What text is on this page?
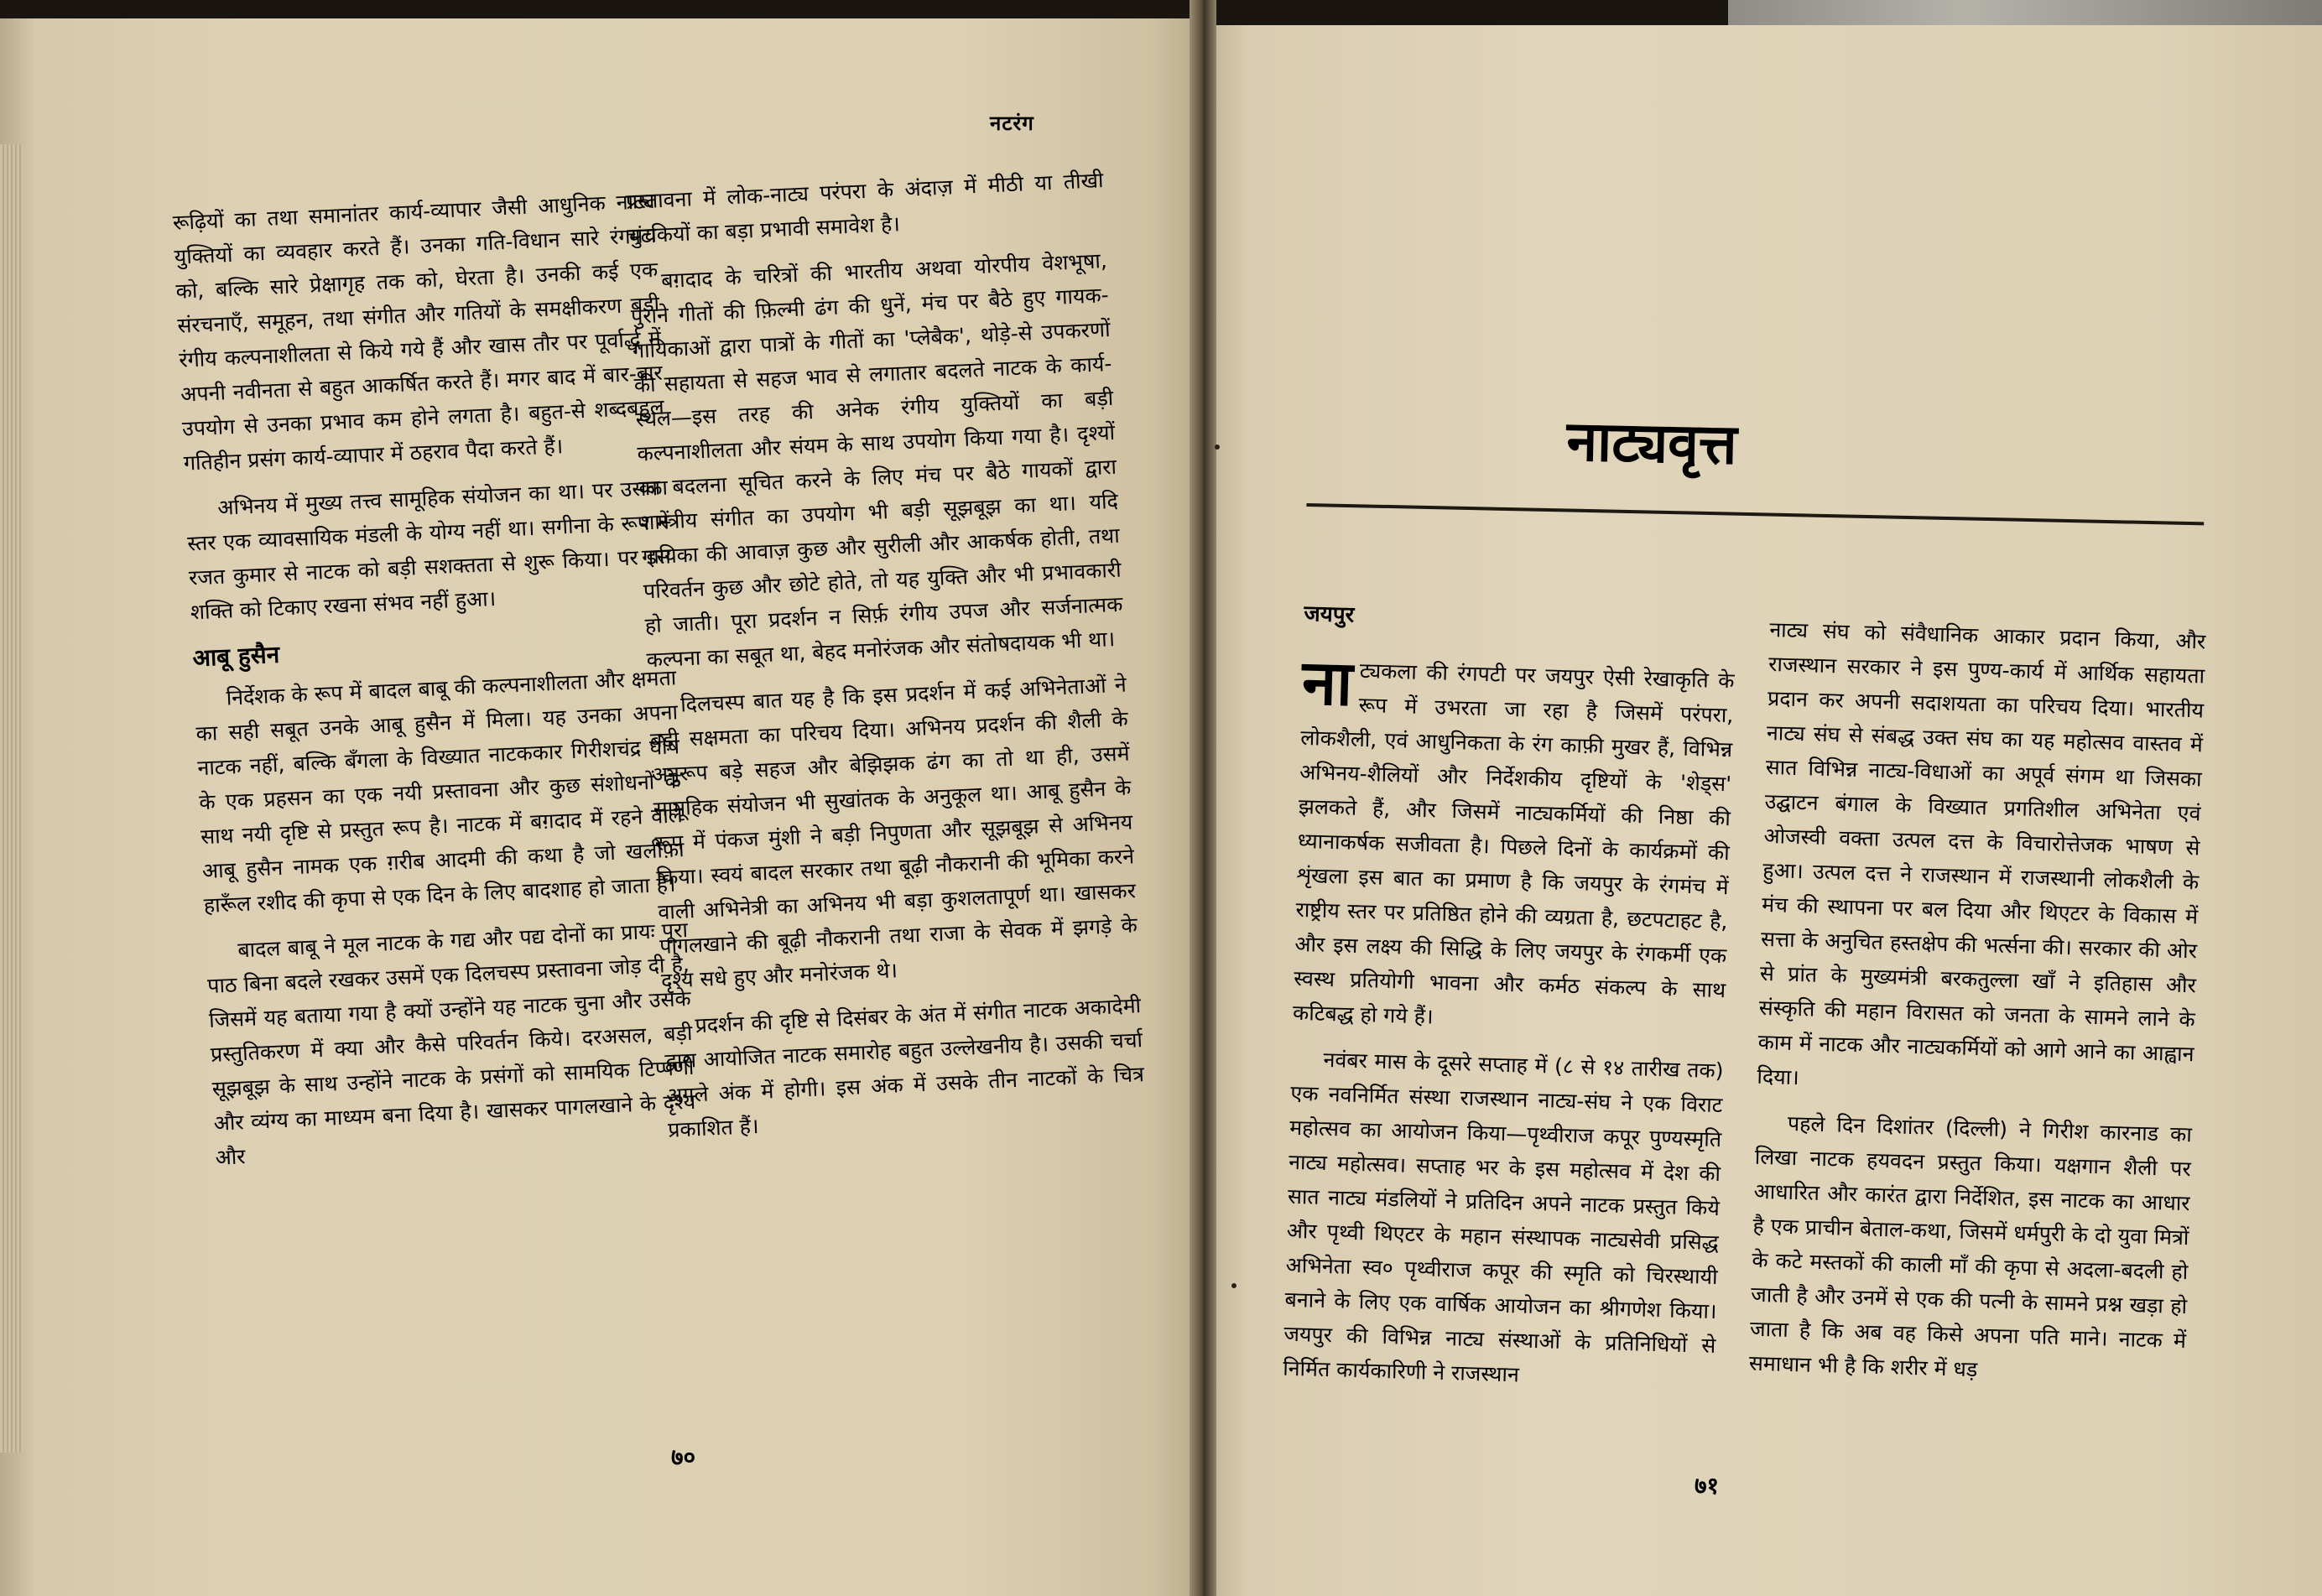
नटरंग

रूढ़ियों का तथा समानांतर कार्य-व्यापार जैसी आधुनिक नाट्य युक्तियों का व्यवहार करते हैं। उनका गति-विधान सारे रंगमंच को, बल्कि सारे प्रेक्षागृह तक को, घेरता है। उनकी कई एक संरचनाएँ, समूहन, तथा संगीत और गतियों के समक्षीकरण बड़ी रंगीय कल्पनाशीलता से किये गये हैं और खास तौर पर पूर्वार्द्ध में अपनी नवीनता से बहुत आकर्षित करते हैं। मगर बाद में बार-बार उपयोग से उनका प्रभाव कम होने लगता है। बहुत-से शब्दबहुल गतिहीन प्रसंग कार्य-व्यापार में ठहराव पैदा करते हैं।

अभिनय में मुख्य तत्त्व सामूहिक संयोजन का था। पर उसका स्तर एक व्यावसायिक मंडली के योग्य नहीं था। सगीना के रूप में रजत कुमार से नाटक को बड़ी सशक्तता से शुरू किया। पर इस शक्ति को टिकाए रखना संभव नहीं हुआ।

आबू हुसैन

निर्देशक के रूप में बादल बाबू की कल्पनाशीलता और क्षमता का सही सबूत उनके आबू हुसैन में मिला। यह उनका अपना नाटक नहीं, बल्कि बँगला के विख्यात नाटककार गिरीशचंद्र घोष के एक प्रहसन का एक नयी प्रस्तावना और कुछ संशोधनों के साथ नयी दृष्टि से प्रस्तुत रूप है। नाटक में बग़दाद में रहने वाले आबू हुसैन नामक एक ग़रीब आदमी की कथा है जो खलीफ़ा हारूँल रशीद की कृपा से एक दिन के लिए बादशाह हो जाता है।

बादल बाबू ने मूल नाटक के गद्य और पद्य दोनों का प्रायः पूरा पाठ बिना बदले रखकर उसमें एक दिलचस्प प्रस्तावना जोड़ दी है, जिसमें यह बताया गया है क्यों उन्होंने यह नाटक चुना और उसके प्रस्तुतिकरण में क्या और कैसे परिवर्तन किये। दरअसल, बड़ी सूझबूझ के साथ उन्होंने नाटक के प्रसंगों को सामयिक टिप्पणी और व्यंग्य का माध्यम बना दिया है। खासकर पागलखाने के दृश्य और

प्रस्तावना में लोक-नाट्य परंपरा के अंदाज़ में मीठी या तीखी चुटकियों का बड़ा प्रभावी समावेश है।

बग़दाद के चरित्रों की भारतीय अथवा योरपीय वेशभूषा, पुराने गीतों की फ़िल्मी ढंग की धुनें, मंच पर बैठे हुए गायक-गायिकाओं द्वारा पात्रों के गीतों का 'प्लेबैक', थोड़े-से उपकरणों की सहायता से सहज भाव से लगातार बदलते नाटक के कार्य-स्थल—इस तरह की अनेक रंगीय युक्तियों का बड़ी कल्पनाशीलता और संयम के साथ उपयोग किया गया है। दृश्यों का बदलना सूचित करने के लिए मंच पर बैठे गायकों द्वारा शास्त्रीय संगीत का उपयोग भी बड़ी सूझबूझ का था। यदि गायिका की आवाज़ कुछ और सुरीली और आकर्षक होती, तथा परिवर्तन कुछ और छोटे होते, तो यह युक्ति और भी प्रभावकारी हो जाती। पूरा प्रदर्शन न सिर्फ़ रंगीय उपज और सर्जनात्मक कल्पना का सबूत था, बेहद मनोरंजक और संतोषदायक भी था।

दिलचस्प बात यह है कि इस प्रदर्शन में कई अभिनेताओं ने बड़ी सक्षमता का परिचय दिया। अभिनय प्रदर्शन की शैली के अनुरूप बड़े सहज और बेझिझक ढंग का तो था ही, उसमें सामूहिक संयोजन भी सुखांतक के अनुकूल था। आबू हुसैन के रूप में पंकज मुंशी ने बड़ी निपुणता और सूझबूझ से अभिनय किया। स्वयं बादल सरकार तथा बूढ़ी नौकरानी की भूमिका करने वाली अभिनेत्री का अभिनय भी बड़ा कुशलतापूर्ण था। खासकर पागलखाने की बूढ़ी नौकरानी तथा राजा के सेवक में झगड़े के दृश्य सधे हुए और मनोरंजक थे।

प्रदर्शन की दृष्टि से दिसंबर के अंत में संगीत नाटक अकादेमी द्वारा आयोजित नाटक समारोह बहुत उल्लेखनीय है। उसकी चर्चा अगले अंक में होगी। इस अंक में उसके तीन नाटकों के चित्र प्रकाशित हैं।

७०
नाट्यवृत्त
जयपुर

नाट्यकला की रंगपटी पर जयपुर ऐसी रेखाकृति के रूप में उभरता जा रहा है जिसमें परंपरा, लोकशैली, एवं आधुनिकता के रंग काफ़ी मुखर हैं, विभिन्न अभिनय-शैलियों और निर्देशकीय दृष्टियों के 'शेड्स' झलकते हैं, और जिसमें नाट्यकर्मियों की निष्ठा की ध्यानाकर्षक सजीवता है। पिछले दिनों के कार्यक्रमों की शृंखला इस बात का प्रमाण है कि जयपुर के रंगमंच में राष्ट्रीय स्तर पर प्रतिष्ठित होने की व्यग्रता है, छटपटाहट है, और इस लक्ष्य की सिद्धि के लिए जयपुर के रंगकर्मी एक स्वस्थ प्रतियोगी भावना और कर्मठ संकल्प के साथ कटिबद्ध हो गये हैं।

नवंबर मास के दूसरे सप्ताह में (८ से १४ तारीख तक) एक नवनिर्मित संस्था राजस्थान नाट्य-संघ ने एक विराट महोत्सव का आयोजन किया—पृथ्वीराज कपूर पुण्यस्मृति नाट्य महोत्सव। सप्ताह भर के इस महोत्सव में देश की सात नाट्य मंडलियों ने प्रतिदिन अपने नाटक प्रस्तुत किये और पृथ्वी थिएटर के महान संस्थापक नाट्यसेवी प्रसिद्ध अभिनेता स्व० पृथ्वीराज कपूर की स्मृति को चिरस्थायी बनाने के लिए एक वार्षिक आयोजन का श्रीगणेश किया। जयपुर की विभिन्न नाट्य संस्थाओं के प्रतिनिधियों से निर्मित कार्यकारिणी ने राजस्थान

नाट्य संघ को संवैधानिक आकार प्रदान किया, और राजस्थान सरकार ने इस पुण्य-कार्य में आर्थिक सहायता प्रदान कर अपनी सदाशयता का परिचय दिया। भारतीय नाट्य संघ से संबद्ध उक्त संघ का यह महोत्सव वास्तव में सात विभिन्न नाट्य-विधाओं का अपूर्व संगम था जिसका उद्घाटन बंगाल के विख्यात प्रगतिशील अभिनेता एवं ओजस्वी वक्ता उत्पल दत्त के विचारोत्तेजक भाषण से हुआ। उत्पल दत्त ने राजस्थान में राजस्थानी लोकशैली के मंच की स्थापना पर बल दिया और थिएटर के विकास में सत्ता के अनुचित हस्तक्षेप की भर्त्सना की। सरकार की ओर से प्रांत के मुख्यमंत्री बरकतुल्ला खाँ ने इतिहास और संस्कृति की महान विरासत को जनता के सामने लाने के काम में नाटक और नाट्यकर्मियों को आगे आने का आह्वान दिया।

पहले दिन दिशांतर (दिल्ली) ने गिरीश कारनाड का लिखा नाटक हयवदन प्रस्तुत किया। यक्षगान शैली पर आधारित और कारंत द्वारा निर्देशित, इस नाटक का आधार है एक प्राचीन बेताल-कथा, जिसमें धर्मपुरी के दो युवा मित्रों के कटे मस्तकों की काली माँ की कृपा से अदला-बदली हो जाती है और उनमें से एक की पत्नी के सामने प्रश्न खड़ा हो जाता है कि अब वह किसे अपना पति माने। नाटक में समाधान भी है कि शरीर में धड़

७१
